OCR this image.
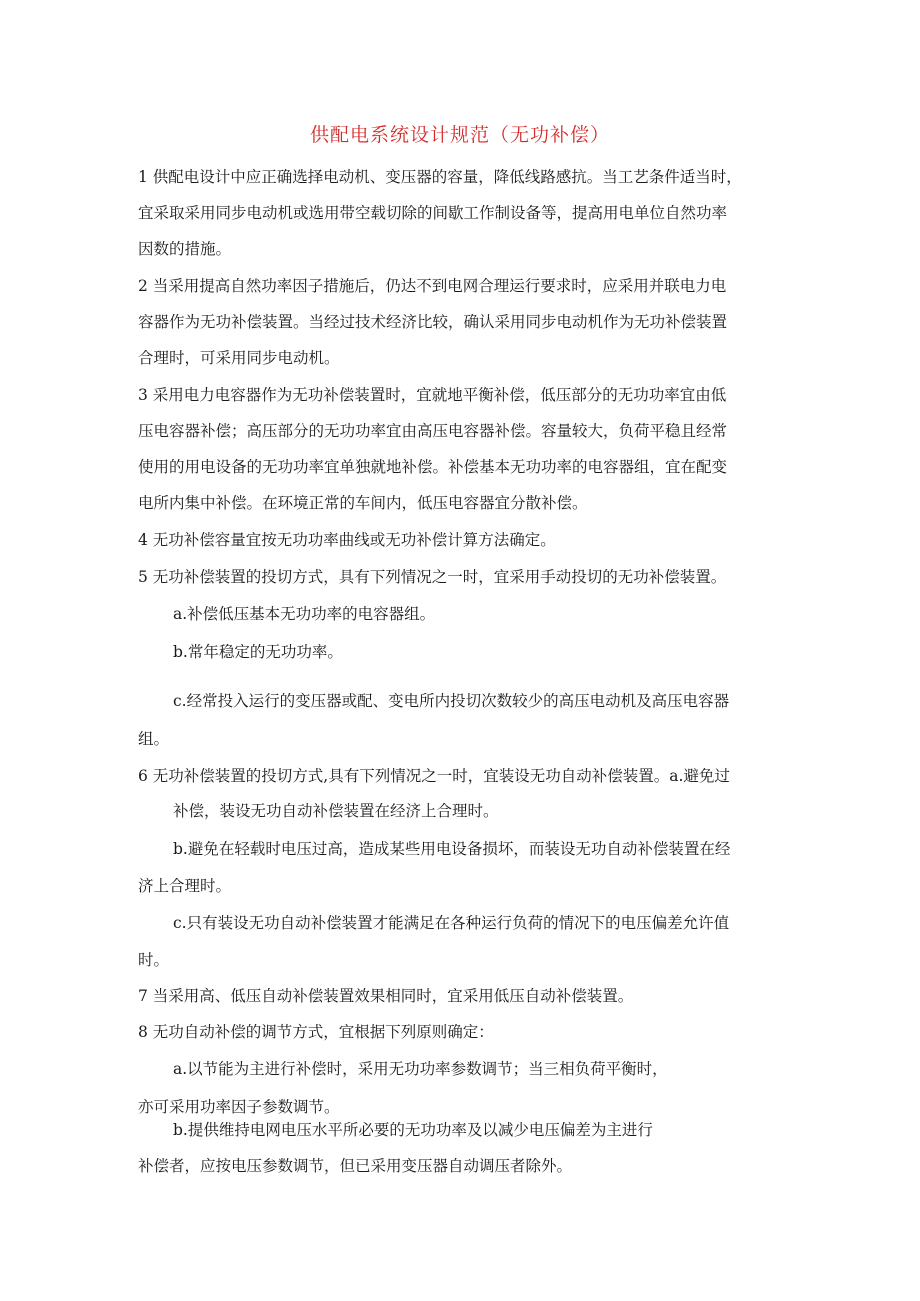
供配电系统设计规范（无功补偿）

1 供配电设计中应正确选择电动机、变压器的容量，降低线路感抗。当工艺条件适当时，

宜采取采用同步电动机或选用带空载切除的间歇工作制设备等，提高用电单位自然功率

因数的措施。

2 当采用提高自然功率因子措施后，仍达不到电网合理运行要求时，应采用并联电力电

容器作为无功补偿装置。当经过技术经济比较，确认采用同步电动机作为无功补偿装置

合理时，可采用同步电动机。

3 采用电力电容器作为无功补偿装置时，宜就地平衡补偿，低压部分的无功功率宜由低

压电容器补偿；高压部分的无功功率宜由高压电容器补偿。容量较大，负荷平稳且经常

使用的用电设备的无功功率宜单独就地补偿。补偿基本无功功率的电容器组，宜在配变

电所内集中补偿。在环境正常的车间内，低压电容器宜分散补偿。

4 无功补偿容量宜按无功功率曲线或无功补偿计算方法确定。

5 无功补偿装置的投切方式，具有下列情况之一时，宜采用手动投切的无功补偿装置。

a.补偿低压基本无功功率的电容器组。

b.常年稳定的无功功率。

c.经常投入运行的变压器或配、变电所内投切次数较少的高压电动机及高压电容器

组。

6 无功补偿装置的投切方式,具有下列情况之一时，宜装设无功自动补偿装置。a.避免过

补偿，装设无功自动补偿装置在经济上合理时。

b.避免在轻载时电压过高，造成某些用电设备损坏，而装设无功自动补偿装置在经

济上合理时。

c.只有装设无功自动补偿装置才能满足在各种运行负荷的情况下的电压偏差允许值

时。

7 当采用高、低压自动补偿装置效果相同时，宜采用低压自动补偿装置。

8 无功自动补偿的调节方式，宜根据下列原则确定：

a.以节能为主进行补偿时，采用无功功率参数调节；当三相负荷平衡时，

亦可采用功率因子参数调节。

b.提供维持电网电压水平所必要的无功功率及以减少电压偏差为主进行

补偿者，应按电压参数调节，但已采用变压器自动调压者除外。
